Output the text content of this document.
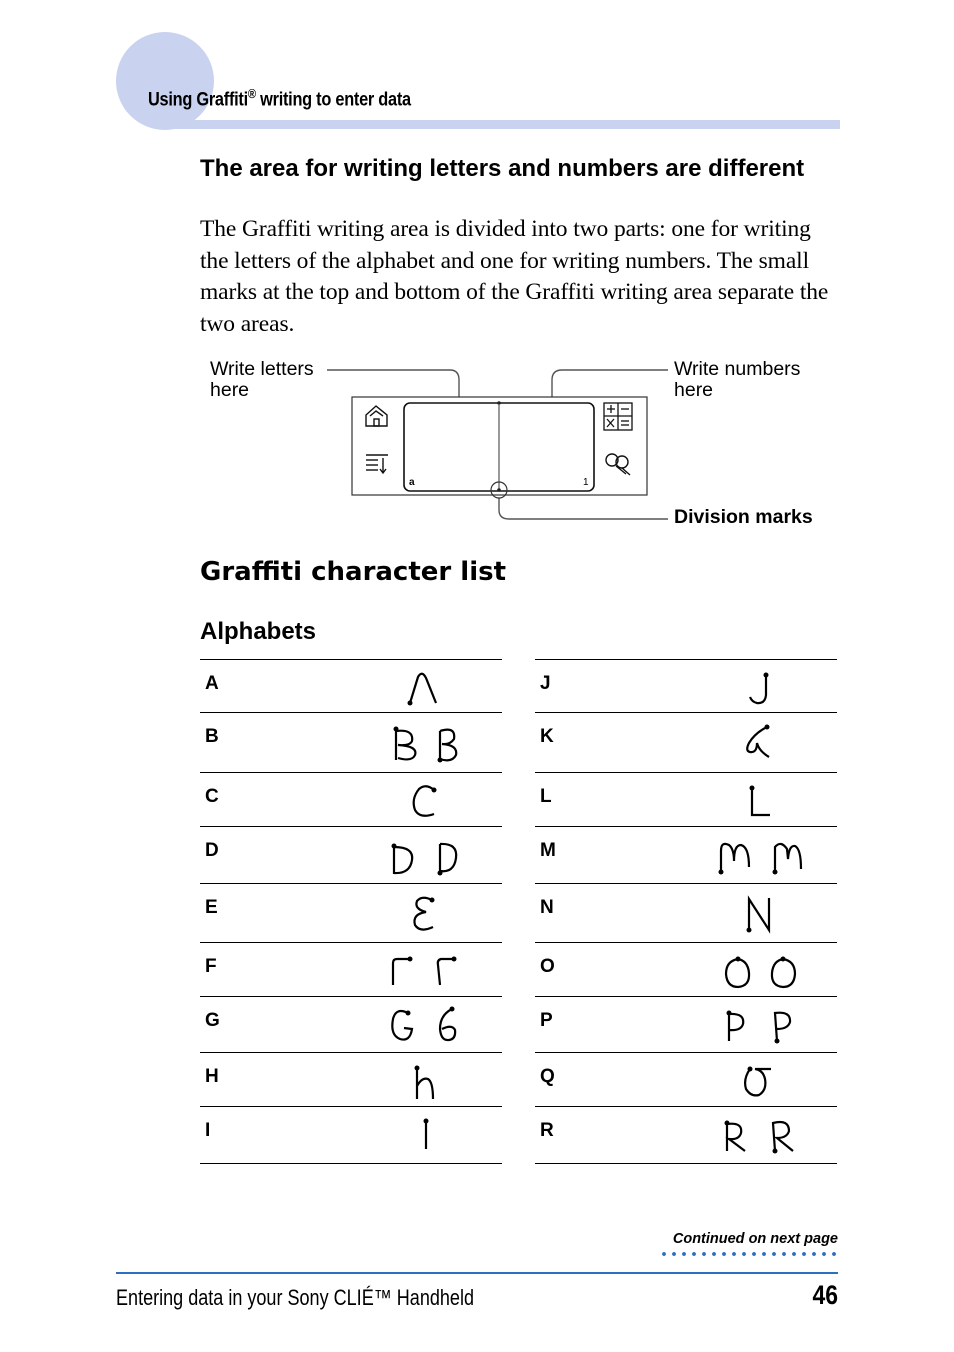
Using Graffiti® writing to enter data
The area for writing letters and numbers are different
The Graffiti writing area is divided into two parts: one for writing the letters of the alphabet and one for writing numbers. The small marks at the top and bottom of the Graffiti writing area separate the two areas.
Write letters here
Write numbers here
Division marks
a	1
Graffiti character list
Alphabets
A
B
C
D
E
F
G
H
I
J
K
L
M
N
O
P
Q
R
Continued on next page
Entering data in your Sony CLIÉ™ Handheld	46
